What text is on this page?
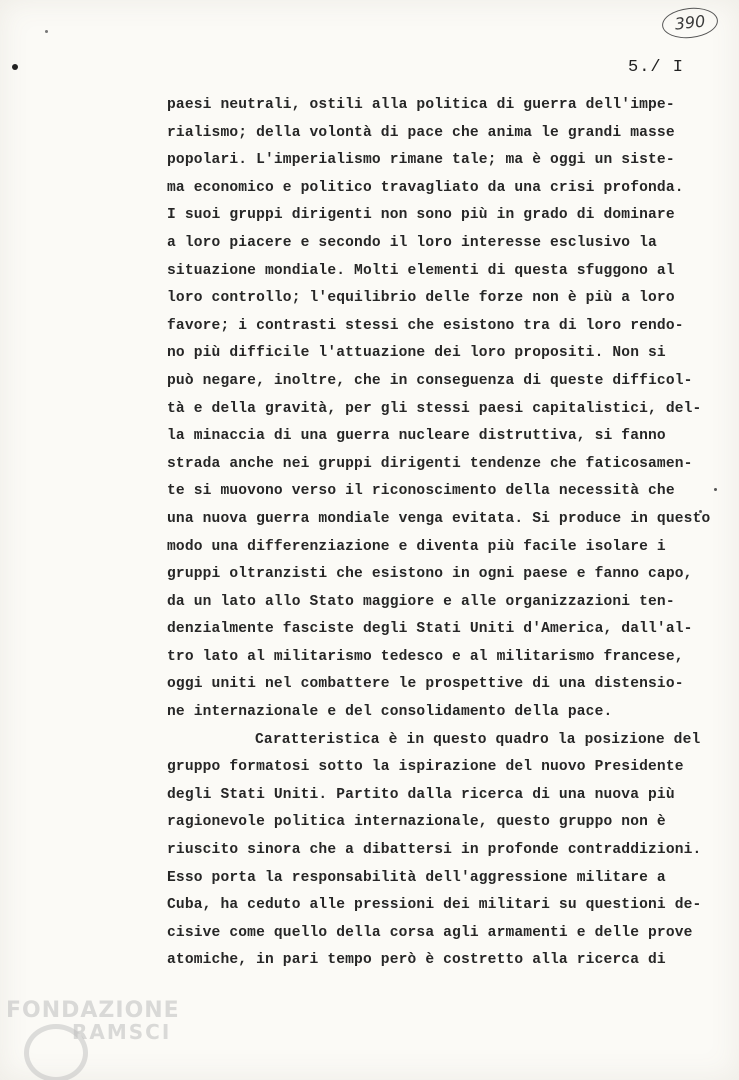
390
5./ I
paesi neutrali, ostili alla politica di guerra dell'impe-
rialismo; della volontà di pace che anima le grandi masse
popolari. L'imperialismo rimane tale; ma è oggi un siste-
ma economico e politico travagliato da una crisi profonda.
I suoi gruppi dirigenti non sono più in grado di dominare
a loro piacere e secondo il loro interesse esclusivo la
situazione mondiale. Molti elementi di questa sfuggono al
loro controllo; l'equilibrio delle forze non è più a loro
favore; i contrasti stessi che esistono tra di loro rendo-
no più difficile l'attuazione dei loro propositi. Non si
può negare, inoltre, che in conseguenza di queste difficol-
tà e della gravità, per gli stessi paesi capitalistici, del-
la minaccia di una guerra nucleare distruttiva, si fanno
strada anche nei gruppi dirigenti tendenze che faticosamen-
te si muovono verso il riconoscimento della necessità che
una nuova guerra mondiale venga evitata. Si produce in questo
modo una differenziazione e diventa più facile isolare i
gruppi oltranzisti che esistono in ogni paese e fanno capo,
da un lato allo Stato maggiore e alle organizzazioni ten-
denzialmente fasciste degli Stati Uniti d'America, dall'al-
tro lato al militarismo tedesco e al militarismo francese,
oggi uniti nel combattere le prospettive di una distensio-
ne internazionale e del consolidamento della pace.
Caratteristica è in questo quadro la posizione del
gruppo formatosi sotto la ispirazione del nuovo Presidente
degli Stati Uniti. Partito dalla ricerca di una nuova più
ragionevole politica internazionale, questo gruppo non è
riuscito sinora che a dibattersi in profonde contraddizioni.
Esso porta la responsabilità dell'aggressione militare a
Cuba, ha ceduto alle pressioni dei militari su questioni de-
cisive come quello della corsa agli armamenti e delle prove
atomiche, in pari tempo però è costretto alla ricerca di
FONDAZIONE
RAMSCI
